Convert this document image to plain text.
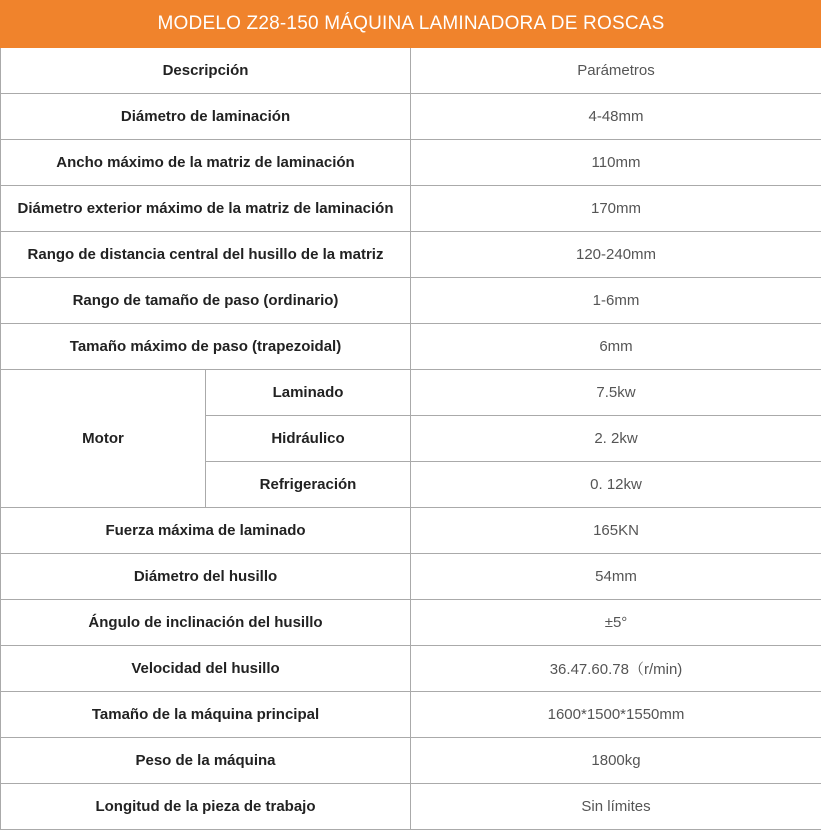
MODELO Z28-150 MÁQUINA LAMINADORA DE ROSCAS		
Descripción		Parámetros
Diámetro de laminación		4-48mm
Ancho máximo de la matriz de laminación		110mm
Diámetro exterior máximo de la matriz de laminación		170mm
Rango de distancia central del husillo de la matriz		120-240mm
Rango de tamaño de paso (ordinario)		1-6mm
Tamaño máximo de paso (trapezoidal)		6mm
Motor	Laminado	7.5kw
	Hidráulico	2. 2kw
	Refrigeración	0. 12kw
Fuerza máxima de laminado		165KN
Diámetro del husillo		54mm
Ángulo de inclinación del husillo		±5°
Velocidad del husillo		36.47.60.78（r/min)
Tamaño de la máquina principal		1600*1500*1550mm
Peso de la máquina		1800kg
Longitud de la pieza de trabajo		Sin límites
